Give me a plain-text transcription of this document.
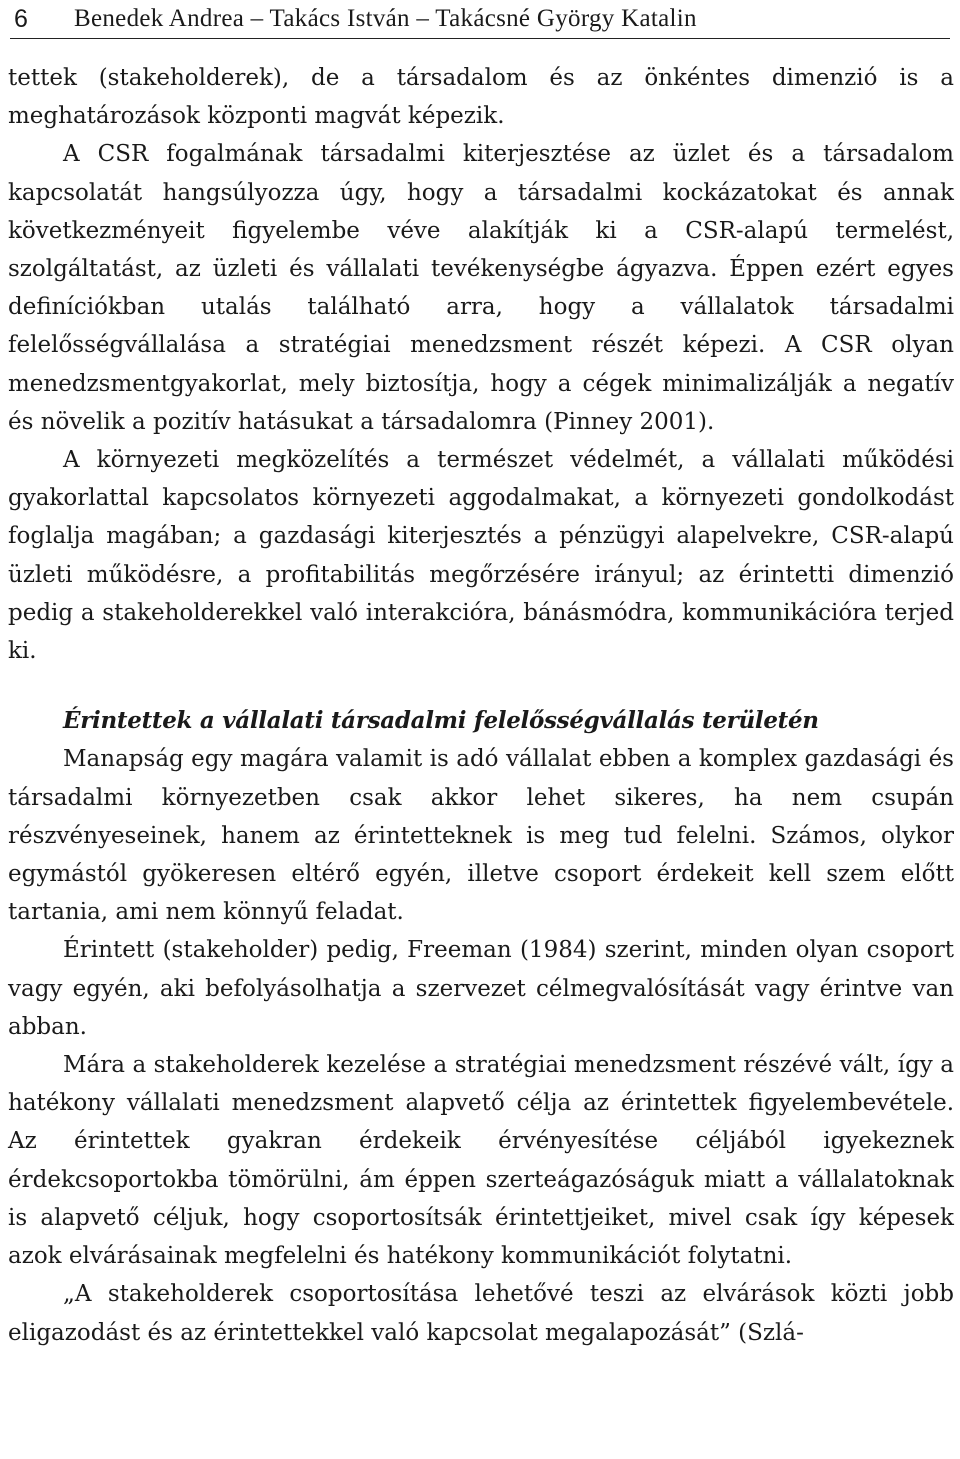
6	Benedek Andrea – Takács István – Takácsné György Katalin

tettek (stakeholderek), de a társadalom és az önkéntes dimenzió is a meghatározások központi magvát képezik.

A CSR fogalmának társadalmi kiterjesztése az üzlet és a társadalom kapcsolatát hangsúlyozza úgy, hogy a társadalmi kockázatokat és annak következményeit figyelembe véve alakítják ki a CSR-alapú termelést, szolgáltatást, az üzleti és vállalati tevékenységbe ágyazva. Éppen ezért egyes definíciókban utalás található arra, hogy a vállalatok társadalmi felelősségvállalása a stratégiai menedzsment részét képezi. A CSR olyan menedzsmentgyakorlat, mely biztosítja, hogy a cégek minimalizálják a negatív és növelik a pozitív hatásukat a társadalomra (Pinney 2001).

A környezeti megközelítés a természet védelmét, a vállalati működési gyakorlattal kapcsolatos környezeti aggodalmakat, a környezeti gondolkodást foglalja magában; a gazdasági kiterjesztés a pénzügyi alapelvekre, CSR-alapú üzleti működésre, a profitabilitás megőrzésére irányul; az érintetti dimenzió pedig a stakeholderekkel való interakcióra, bánásmódra, kommunikációra terjed ki.

Érintettek a vállalati társadalmi felelősségvállalás területén

Manapság egy magára valamit is adó vállalat ebben a komplex gazdasági és társadalmi környezetben csak akkor lehet sikeres, ha nem csupán részvényeseinek, hanem az érintetteknek is meg tud felelni. Számos, olykor egymástól gyökeresen eltérő egyén, illetve csoport érdekeit kell szem előtt tartania, ami nem könnyű feladat.

Érintett (stakeholder) pedig, Freeman (1984) szerint, minden olyan csoport vagy egyén, aki befolyásolhatja a szervezet célmegvalósítását vagy érintve van abban.

Mára a stakeholderek kezelése a stratégiai menedzsment részévé vált, így a hatékony vállalati menedzsment alapvető célja az érintettek figyelembevétele. Az érintettek gyakran érdekeik érvényesítése céljából igyekeznek érdekcsoportokba tömörülni, ám éppen szerteágazóságuk miatt a vállalatoknak is alapvető céljuk, hogy csoportosítsák érintettjeiket, mivel csak így képesek azok elvárásainak megfelelni és hatékony kommunikációt folytatni.

„A stakeholderek csoportosítása lehetővé teszi az elvárások közti jobb eligazodást és az érintettekkel való kapcsolat megalapozását” (Szlá-
